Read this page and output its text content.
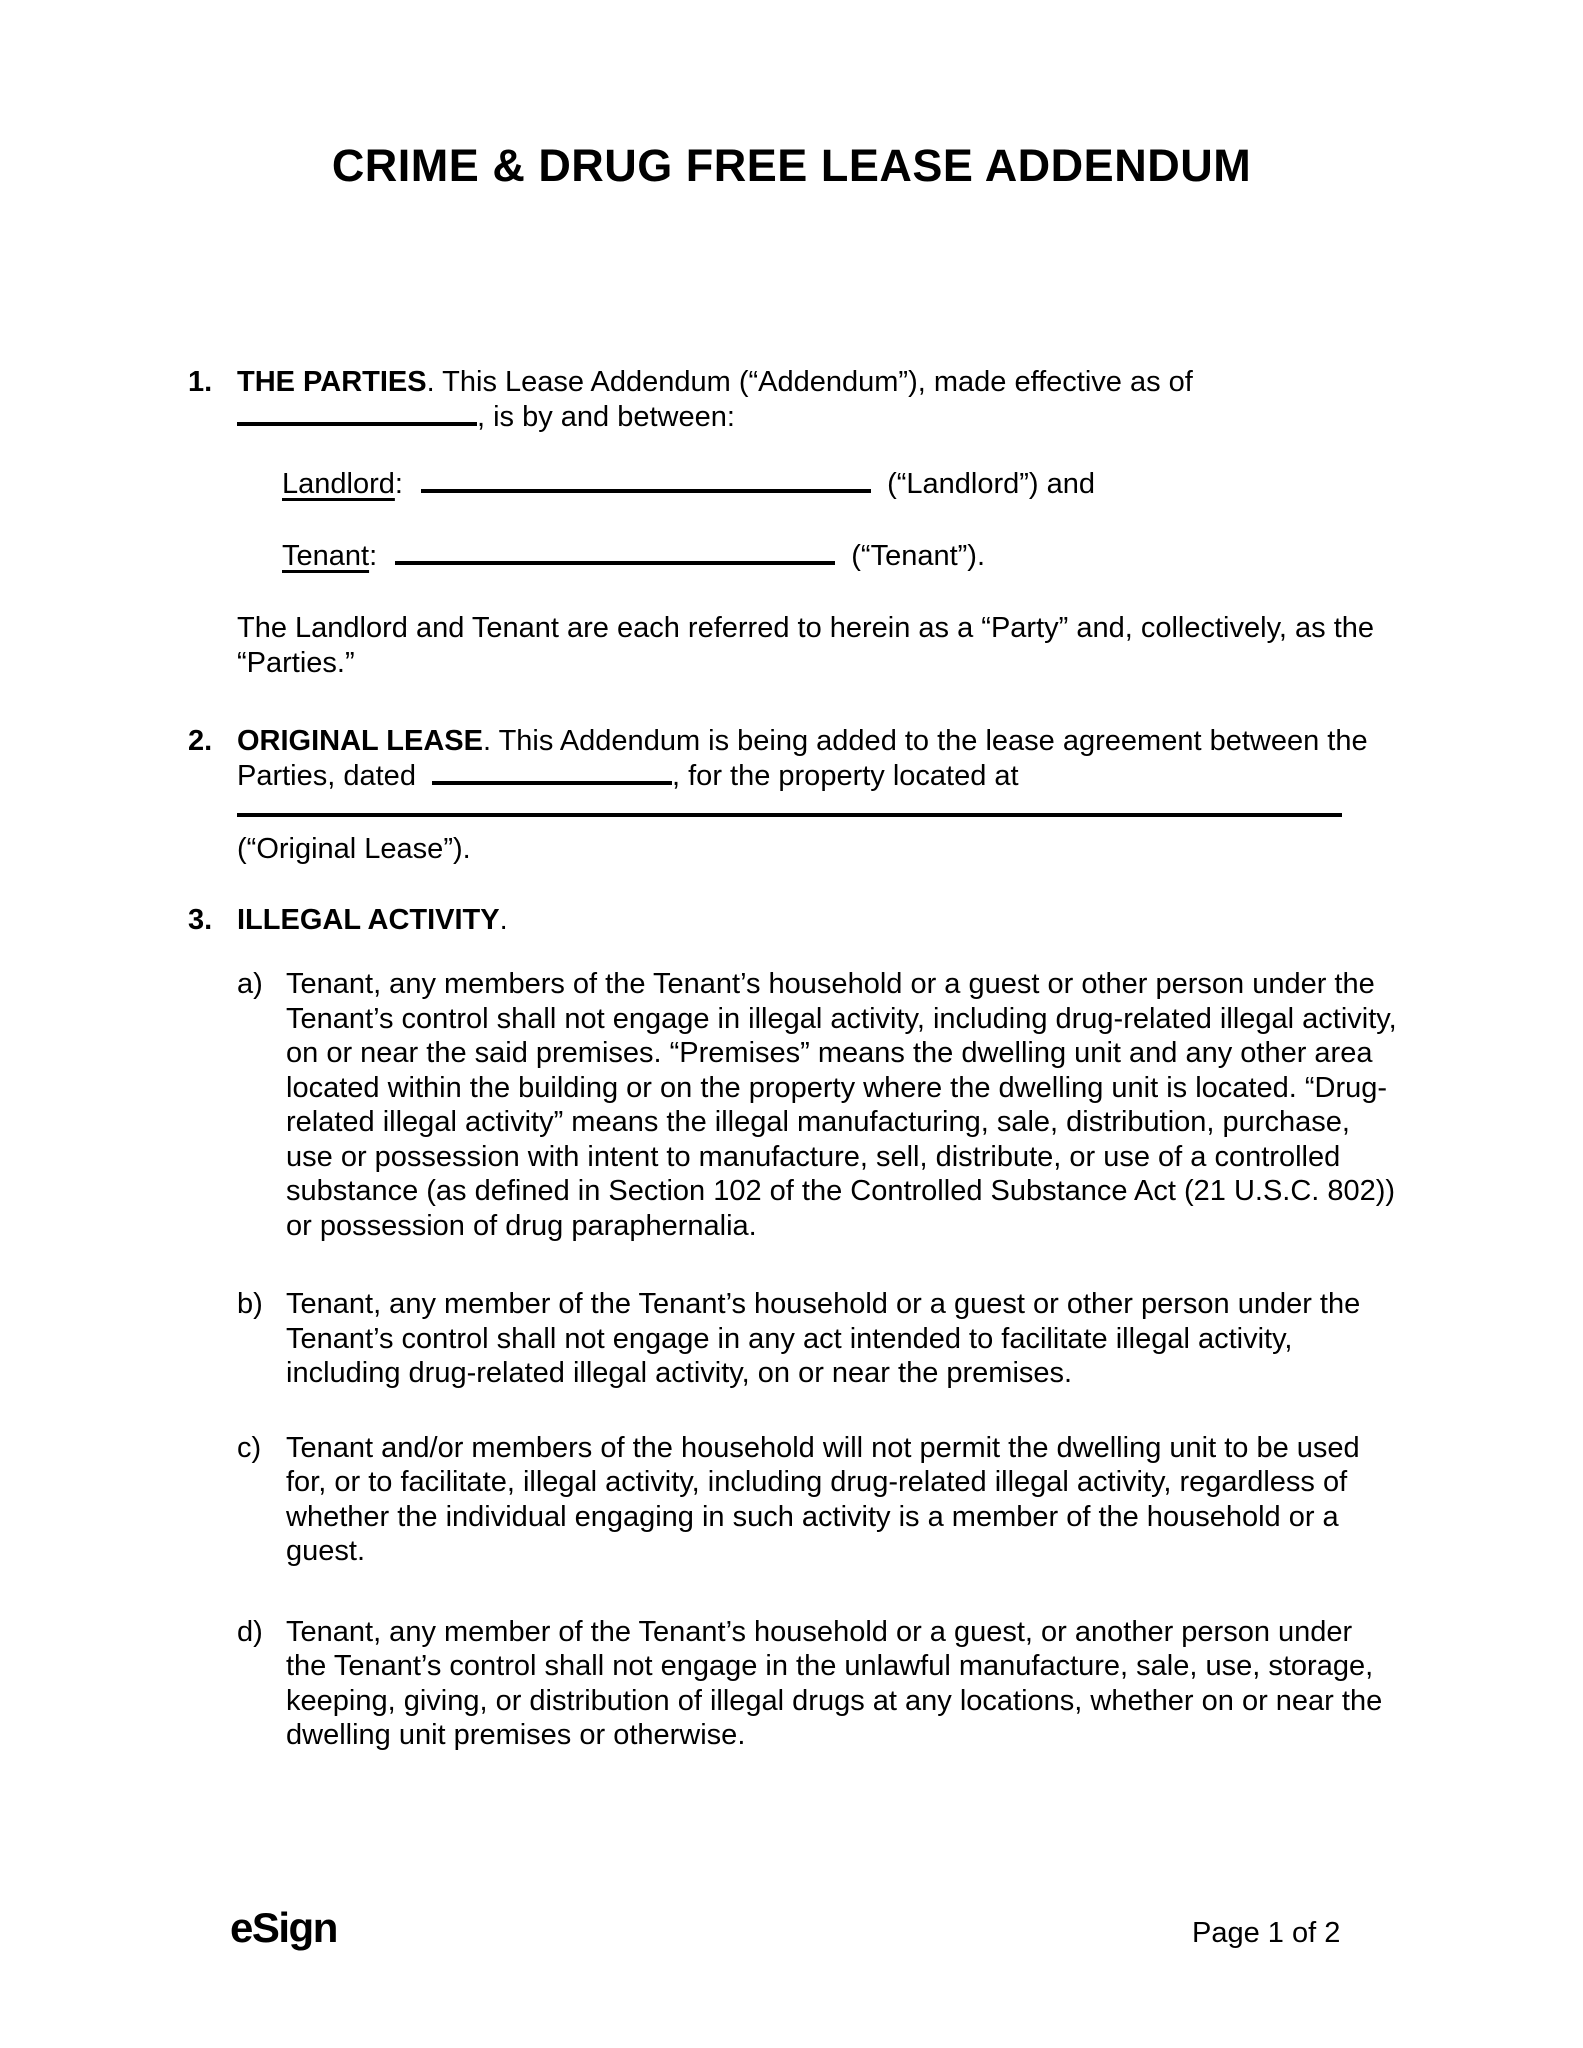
CRIME & DRUG FREE LEASE ADDENDUM
1. THE PARTIES. This Lease Addendum (“Addendum”), made effective as of , is by and between:
Landlord:	(“Landlord”) and
Tenant:	(“Tenant”).
The Landlord and Tenant are each referred to herein as a “Party” and, collectively, as the “Parties.”
2. ORIGINAL LEASE. This Addendum is being added to the lease agreement between the Parties, dated	, for the property located at
(“Original Lease”).
3. ILLEGAL ACTIVITY.
a) Tenant, any members of the Tenant’s household or a guest or other person under the Tenant’s control shall not engage in illegal activity, including drug-related illegal activity, on or near the said premises. “Premises” means the dwelling unit and any other area located within the building or on the property where the dwelling unit is located. “Drug-related illegal activity” means the illegal manufacturing, sale, distribution, purchase, use or possession with intent to manufacture, sell, distribute, or use of a controlled substance (as defined in Section 102 of the Controlled Substance Act (21 U.S.C. 802)) or possession of drug paraphernalia.
b) Tenant, any member of the Tenant’s household or a guest or other person under the Tenant’s control shall not engage in any act intended to facilitate illegal activity, including drug-related illegal activity, on or near the premises.
c) Tenant and/or members of the household will not permit the dwelling unit to be used for, or to facilitate, illegal activity, including drug-related illegal activity, regardless of whether the individual engaging in such activity is a member of the household or a guest.
d) Tenant, any member of the Tenant’s household or a guest, or another person under the Tenant’s control shall not engage in the unlawful manufacture, sale, use, storage, keeping, giving, or distribution of illegal drugs at any locations, whether on or near the dwelling unit premises or otherwise.
eSign	Page 1 of 2
